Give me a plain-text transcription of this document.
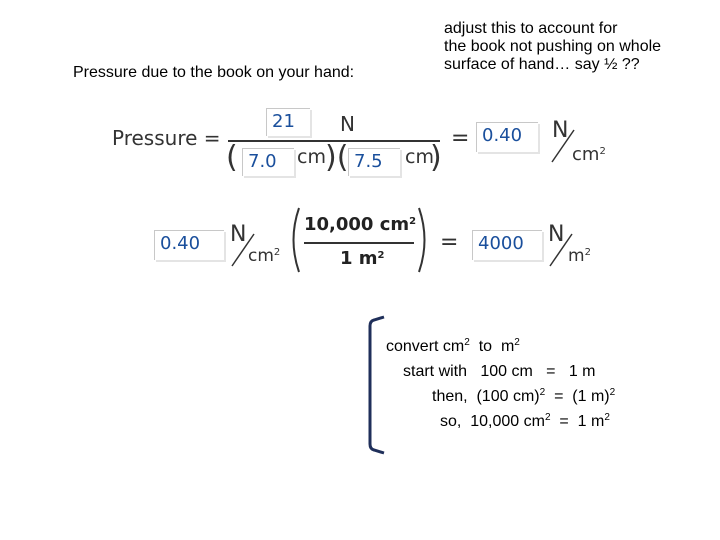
Pressure due to the book on your hand:
adjust this to account for
the book not pushing on whole
surface of hand… say ½ ??
Pressure =
21	N
( 7.0	cm )( 7.5	cm
)
= 0.40	N
$cm^2$
0.40	N
$cm^2$
10,000 $cm^2$
1 $m^2$
=	4000	N
$m^2$
convert $cm^2$  to  $m^2$
start with   100 cm   =   1 m
then,  (100 cm)$^2$  =  (1 m)$^2$
so,  10,000 $cm^2 = 1$ $m^2$
